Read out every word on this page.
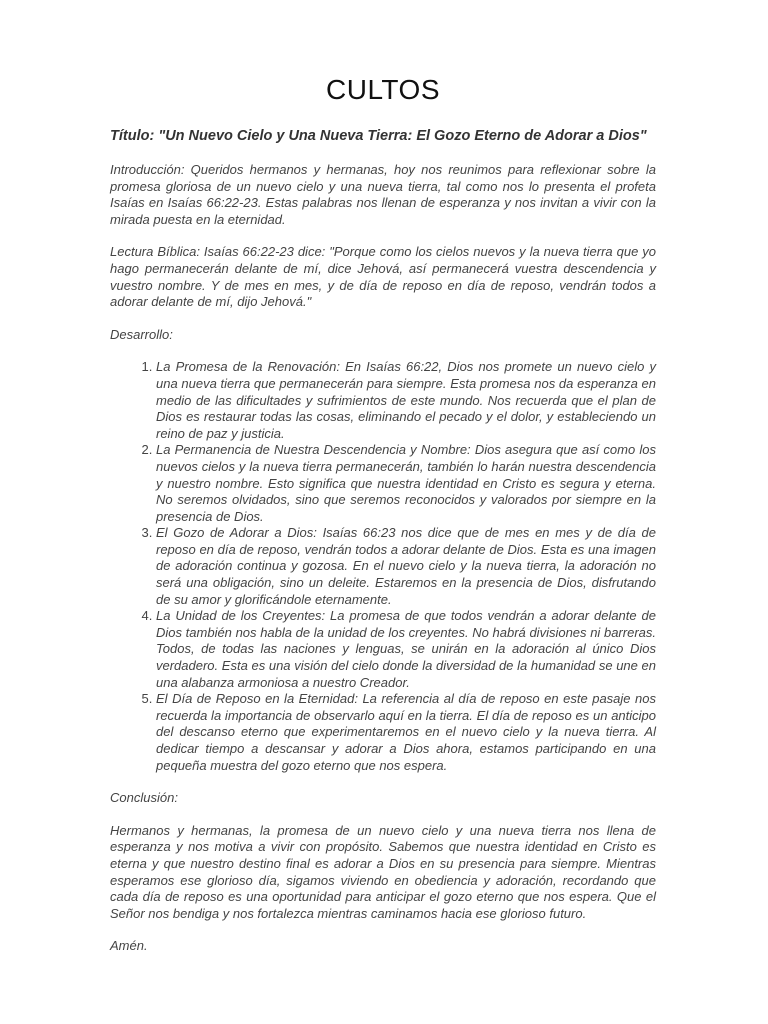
CULTOS
Título: "Un Nuevo Cielo y Una Nueva Tierra: El Gozo Eterno de Adorar a Dios"

Introducción: Queridos hermanos y hermanas, hoy nos reunimos para reflexionar sobre la promesa gloriosa de un nuevo cielo y una nueva tierra, tal como nos lo presenta el profeta Isaías en Isaías 66:22-23. Estas palabras nos llenan de esperanza y nos invitan a vivir con la mirada puesta en la eternidad.

Lectura Bíblica: Isaías 66:22-23 dice: "Porque como los cielos nuevos y la nueva tierra que yo hago permanecerán delante de mí, dice Jehová, así permanecerá vuestra descendencia y vuestro nombre. Y de mes en mes, y de día de reposo en día de reposo, vendrán todos a adorar delante de mí, dijo Jehová."

Desarrollo:

1. La Promesa de la Renovación: En Isaías 66:22, Dios nos promete un nuevo cielo y una nueva tierra que permanecerán para siempre. Esta promesa nos da esperanza en medio de las dificultades y sufrimientos de este mundo. Nos recuerda que el plan de Dios es restaurar todas las cosas, eliminando el pecado y el dolor, y estableciendo un reino de paz y justicia.
2. La Permanencia de Nuestra Descendencia y Nombre: Dios asegura que así como los nuevos cielos y la nueva tierra permanecerán, también lo harán nuestra descendencia y nuestro nombre. Esto significa que nuestra identidad en Cristo es segura y eterna. No seremos olvidados, sino que seremos reconocidos y valorados por siempre en la presencia de Dios.
3. El Gozo de Adorar a Dios: Isaías 66:23 nos dice que de mes en mes y de día de reposo en día de reposo, vendrán todos a adorar delante de Dios. Esta es una imagen de adoración continua y gozosa. En el nuevo cielo y la nueva tierra, la adoración no será una obligación, sino un deleite. Estaremos en la presencia de Dios, disfrutando de su amor y glorificándole eternamente.
4. La Unidad de los Creyentes: La promesa de que todos vendrán a adorar delante de Dios también nos habla de la unidad de los creyentes. No habrá divisiones ni barreras. Todos, de todas las naciones y lenguas, se unirán en la adoración al único Dios verdadero. Esta es una visión del cielo donde la diversidad de la humanidad se une en una alabanza armoniosa a nuestro Creador.
5. El Día de Reposo en la Eternidad: La referencia al día de reposo en este pasaje nos recuerda la importancia de observarlo aquí en la tierra. El día de reposo es un anticipo del descanso eterno que experimentaremos en el nuevo cielo y la nueva tierra. Al dedicar tiempo a descansar y adorar a Dios ahora, estamos participando en una pequeña muestra del gozo eterno que nos espera.

Conclusión:

Hermanos y hermanas, la promesa de un nuevo cielo y una nueva tierra nos llena de esperanza y nos motiva a vivir con propósito. Sabemos que nuestra identidad en Cristo es eterna y que nuestro destino final es adorar a Dios en su presencia para siempre. Mientras esperamos ese glorioso día, sigamos viviendo en obediencia y adoración, recordando que cada día de reposo es una oportunidad para anticipar el gozo eterno que nos espera. Que el Señor nos bendiga y nos fortalezca mientras caminamos hacia ese glorioso futuro.

Amén.
